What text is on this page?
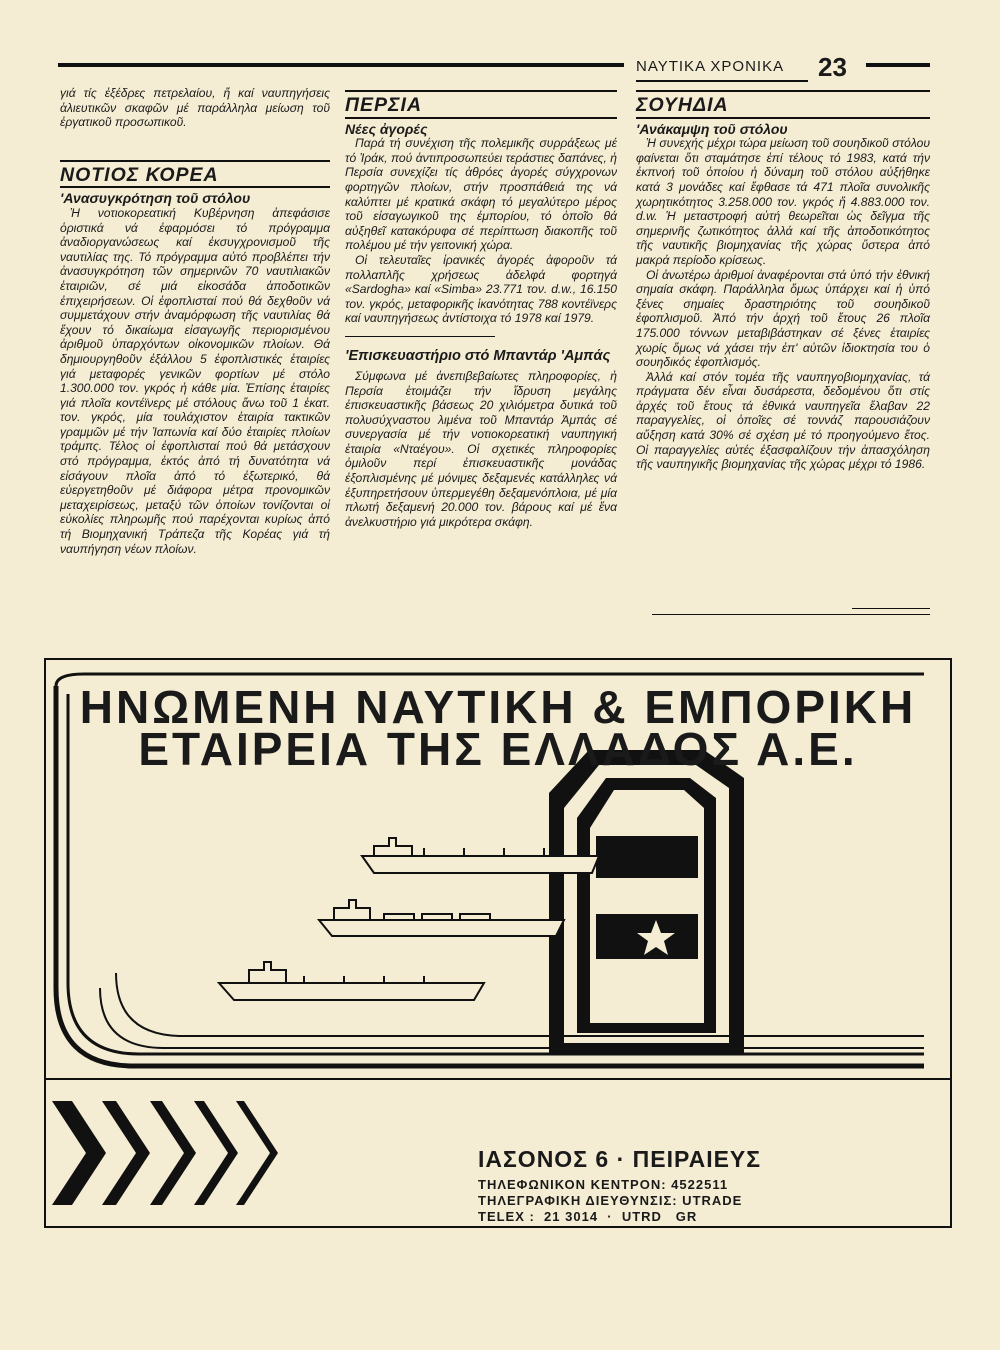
ΝΑΥΤΙΚΑ ΧΡΟΝΙΚΑ 23

γιά τίς ἐξέδρες πετρελαίου, ἤ καί ναυπηγήσεις ἁλιευτικῶν σκαφῶν μέ παράλληλα μείωση τοῦ ἐργατικοῦ προσωπικοῦ.

ΝΟΤΙΟΣ ΚΟΡΕΑ

'Ανασυγκρότηση τοῦ στόλου

Ἡ νοτιοκορεατική Κυβέρνηση ἀπεφάσισε ὁριστικά νά ἐφαρμόσει τό πρόγραμμα ἀναδιοργανώσεως καί ἐκσυγχρονισμοῦ τῆς ναυτιλίας της. Τό πρόγραμμα αὐτό προβλέπει τήν ἀνασυγκρότηση τῶν σημερινῶν 70 ναυτιλιακῶν ἑταιριῶν, σέ μιά εἰκοσάδα ἀποδοτικῶν ἐπιχειρήσεων. Οἱ ἐφοπλισταί πού θά δεχθοῦν νά συμμετάχουν στήν ἀναμόρφωση τῆς ναυτιλίας θά ἔχουν τό δικαίωμα εἰσαγωγῆς περιορισμένου ἀριθμοῦ ὑπαρχόντων οἰκονομικῶν πλοίων. Θά δημιουργηθοῦν ἐξάλλου 5 ἐφοπλιστικές ἑταιρίες γιά μεταφορές γενικῶν φορτίων μέ στόλο 1.300.000 τον. γκρός ἡ κάθε μία. Ἐπίσης ἑταιρίες γιά πλοῖα κοντέϊνερς μέ στόλους ἄνω τοῦ 1 ἑκατ. τον. γκρός, μία τουλάχιστον ἑταιρία τακτικῶν γραμμῶν μέ τήν Ἰαπωνία καί δύο ἑταιρίες πλοίων τράμπς. Τέλος οἱ ἐφοπλισταί πού θά μετάσχουν στό πρόγραμμα, ἐκτός ἀπό τή δυνατότητα νά εἰσάγουν πλοῖα ἀπό τό ἐξωτερικό, θά εὐεργετηθοῦν μέ διάφορα μέτρα προνομικῶν μεταχειρίσεως, μεταξύ τῶν ὁποίων τονίζονται οἱ εὐκολίες πληρωμῆς πού παρέχονται κυρίως ἀπό τή Βιομηχανική Τράπεζα τῆς Κορέας γιά τή ναυπήγηση νέων πλοίων.

ΠΕΡΣΙΑ

Νέες ἀγορές

Παρά τή συνέχιση τῆς πολεμικῆς συρράξεως μέ τό Ἰράκ, πού ἀντιπροσωπεύει τεράστιες δαπάνες, ἡ Περσία συνεχίζει τίς ἀθρόες ἀγορές σύγχρονων φορτηγῶν πλοίων, στήν προσπάθειά της νά καλύπτει μέ κρατικά σκάφη τό μεγαλύτερο μέρος τοῦ εἰσαγωγικοῦ της ἐμπορίου, τό ὁποῖο θά αὐξηθεῖ κατακόρυφα σέ περίπτωση διακοπῆς τοῦ πολέμου μέ τήν γειτονική χώρα.

Οἱ τελευταῖες ἰρανικές ἀγορές ἀφοροῦν τά πολλαπλῆς χρήσεως ἀδελφά φορτηγά «Sardogha» καί «Simba» 23.771 τον. d.w., 16.150 τον. γκρός, μεταφορικῆς ἱκανότητας 788 κοντέϊνερς καί ναυπηγήσεως ἀντίστοιχα τό 1978 καί 1979.

'Επισκευαστήριο στό Μπαντάρ 'Αμπάς

Σύμφωνα μέ ἀνεπιβεβαίωτες πληροφορίες, ἡ Περσία ἑτοιμάζει τήν ἵδρυση μεγάλης ἐπισκευαστικῆς βάσεως 20 χιλιόμετρα δυτικά τοῦ πολυσύχναστου λιμένα τοῦ Μπαντάρ Ἀμπάς σέ συνεργασία μέ τήν νοτιοκορεατική ναυπηγική ἑταιρία «Νταέγου». Οἱ σχετικές πληροφορίες ὁμιλοῦν περί ἐπισκευαστικῆς μονάδας ἐξοπλισμένης μέ μόνιμες δεξαμενές κατάλληλες νά ἐξυπηρετήσουν ὑπερμεγέθη δεξαμενόπλοια, μέ μία πλωτή δεξαμενή 20.000 τον. βάρους καί μέ ἕνα ἀνελκυστήριο γιά μικρότερα σκάφη.

ΣΟΥΗΔΙΑ

'Ανάκαμψη τοῦ στόλου

Ἡ συνεχής μέχρι τώρα μείωση τοῦ σουηδικοῦ στόλου φαίνεται ὅτι σταμάτησε ἐπί τέλους τό 1983, κατά τήν ἐκπνοή τοῦ ὁποίου ἡ δύναμη τοῦ στόλου αὐξήθηκε κατά 3 μονάδες καί ἔφθασε τά 471 πλοῖα συνολικῆς χωρητικότητος 3.258.000 τον. γκρός ἤ 4.883.000 τον. d.w. Ἡ μεταστροφή αὐτή θεωρεῖται ὡς δεῖγμα τῆς σημερινῆς ζωτικότητος ἀλλά καί τῆς ἀποδοτικότητος τῆς ναυτικῆς βιομηχανίας τῆς χώρας ὕστερα ἀπό μακρά περίοδο κρίσεως.

Οἱ ἀνωτέρω ἀριθμοί ἀναφέρονται στά ὑπό τήν ἐθνική σημαία σκάφη. Παράλληλα ὅμως ὑπάρχει καί ἡ ὑπό ξένες σημαίες δραστηριότης τοῦ σουηδικοῦ ἐφοπλισμοῦ. Ἀπό τήν ἀρχή τοῦ ἔτους 26 πλοῖα 175.000 τόννων μεταβιβάστηκαν σέ ξένες ἑταιρίες χωρίς ὅμως νά χάσει τήν ἐπ' αὐτῶν ἰδιοκτησία του ὁ σουηδικός ἐφοπλισμός.

Ἀλλά καί στόν τομέα τῆς ναυπηγοβιομηχανίας, τά πράγματα δέν εἶναι δυσάρεστα, δεδομένου ὅτι στίς ἀρχές τοῦ ἔτους τά ἐθνικά ναυπηγεῖα ἔλαβαν 22 παραγγελίες, οἱ ὁποῖες σέ τοννάζ παρουσιάζουν αὔξηση κατά 30% σέ σχέση μέ τό προηγούμενο ἔτος. Οἱ παραγγελίες αὐτές ἐξασφαλίζουν τήν ἀπασχόληση τῆς ναυπηγικῆς βιομηχανίας τῆς χώρας μέχρι τό 1986.

ΗΝΩΜΕΝΗ ΝΑΥΤΙΚΗ & ΕΜΠΟΡΙΚΗ
ΕΤΑΙΡΕΙΑ ΤΗΣ ΕΛΛΑΔΟΣ Α.Ε.
ΙΑΣΟΝΟΣ 6 · ΠΕΙΡΑΙΕΥΣ
ΤΗΛΕΦΩΝΙΚΟΝ ΚΕΝΤΡΟΝ: 4522511
ΤΗΛΕΓΡΑΦΙΚΗ ΔΙΕΥΘΥΝΣΙΣ: UTRADE
TELEX :  21 3014  ·  UTRD   GR
